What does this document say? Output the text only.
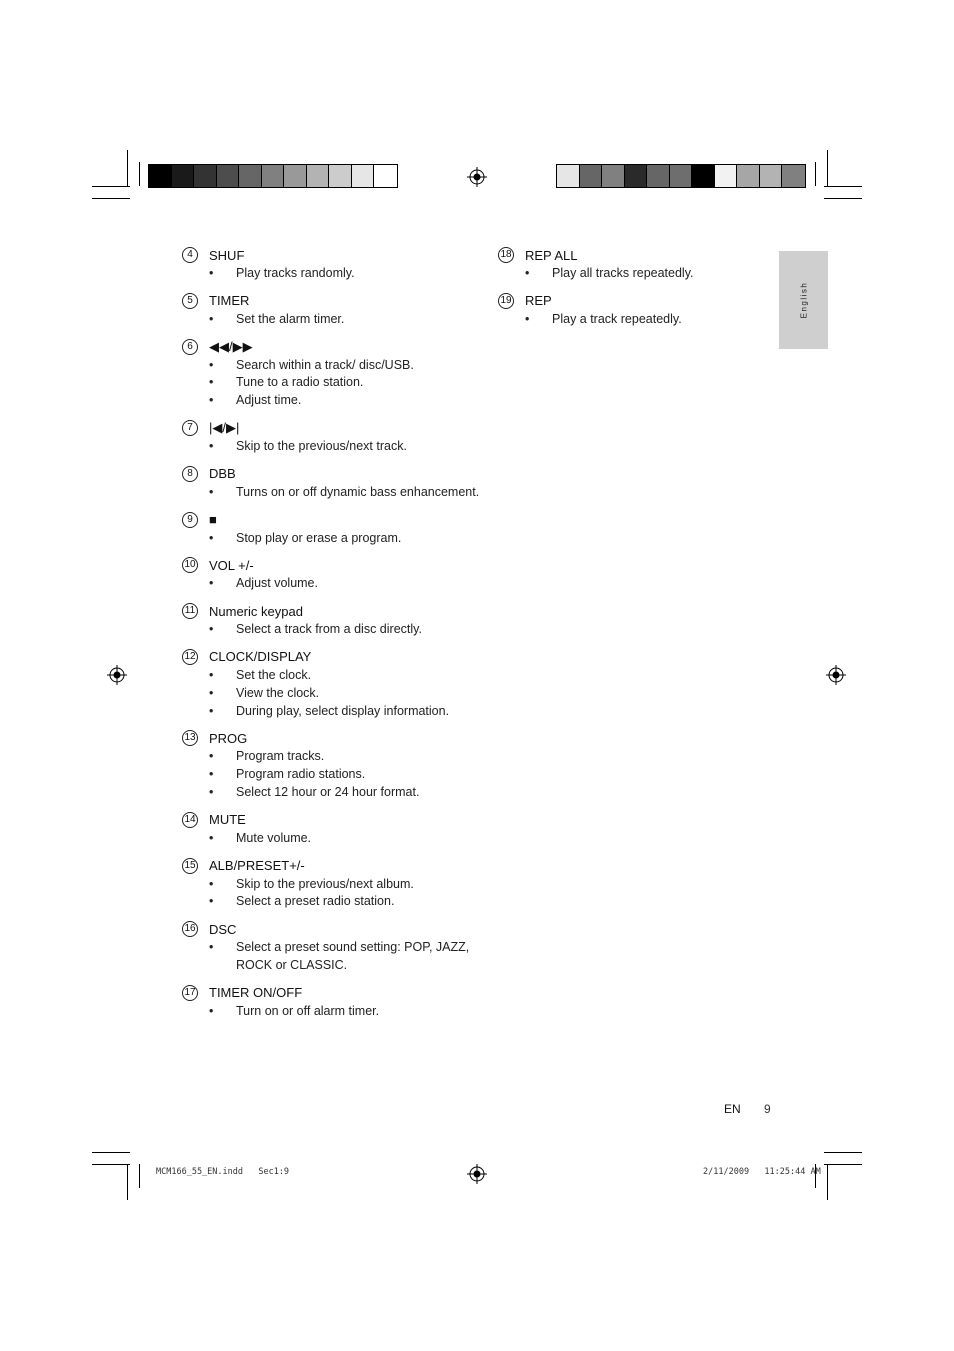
4	SHUF
• Play tracks randomly.
5	TIMER
• Set the alarm timer.
6	◀◀/▶▶
• Search within a track/ disc/USB.
• Tune to a radio station.
• Adjust time.
7	|◀/▶|
• Skip to the previous/next track.
8	DBB
• Turns on or off dynamic bass enhancement.
9	■
• Stop play or erase a program.
10 VOL +/-
• Adjust volume.
11 Numeric keypad
• Select a track from a disc directly.
12 CLOCK/DISPLAY
• Set the clock.
• View the clock.
• During play, select display information.
13 PROG
• Program tracks.
• Program radio stations.
• Select 12 hour or 24 hour format.
14 MUTE
• Mute volume.
15 ALB/PRESET+/-
• Skip to the previous/next album.
• Select a preset radio station.
16 DSC
• Select a preset sound setting: POP, JAZZ, ROCK or CLASSIC.
17 TIMER ON/OFF
• Turn on or off alarm timer.
18 REP ALL
• Play all tracks repeatedly.
19 REP
• Play a track repeatedly.
English
EN 9
MCM166_55_EN.indd   Sec1:9	2/11/2009   11:25:44 AM
